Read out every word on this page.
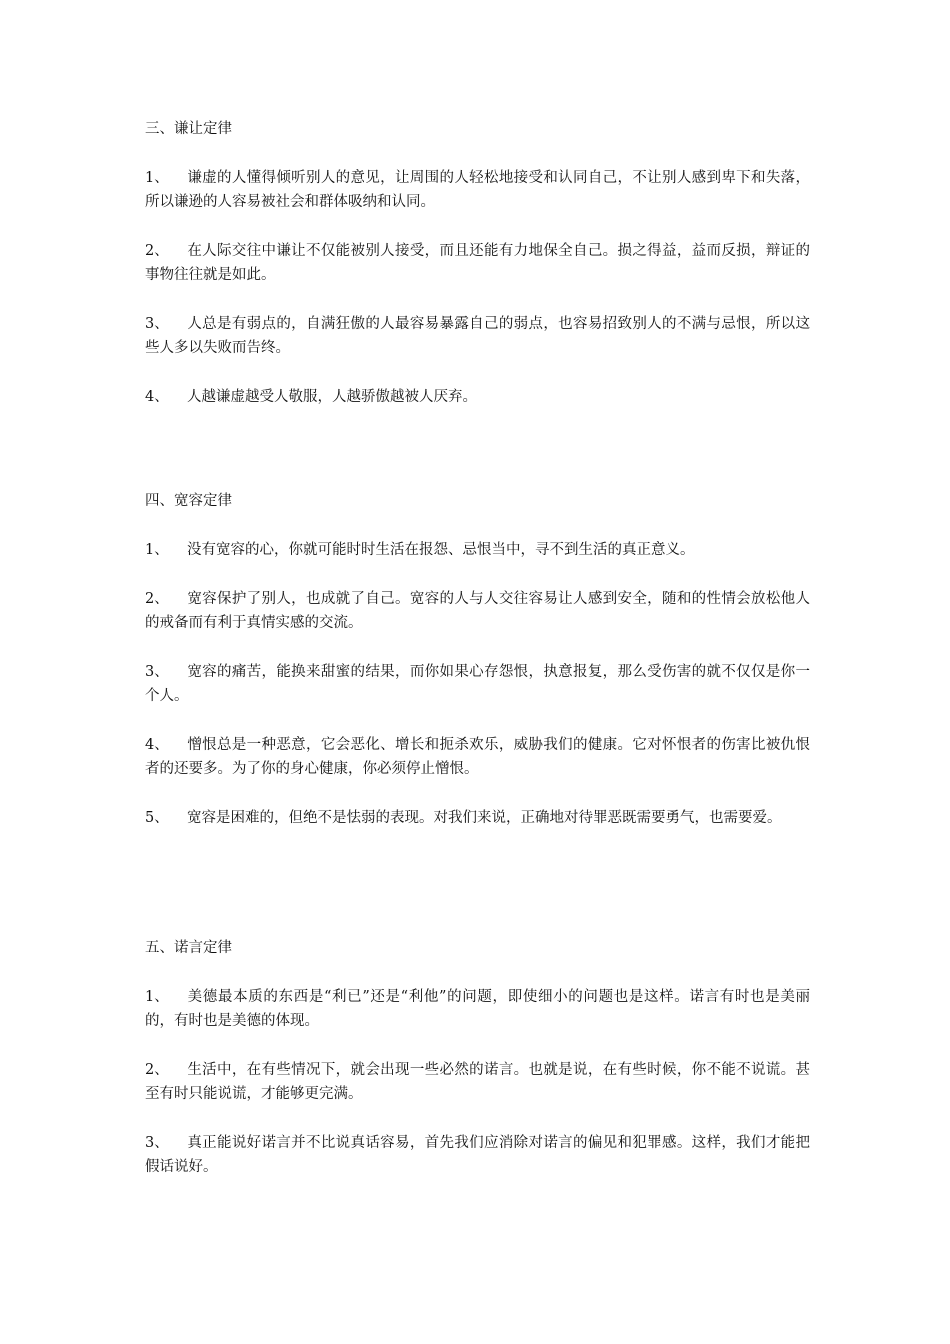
三、谦让定律
1、 谦虚的人懂得倾听别人的意见，让周围的人轻松地接受和认同自己，不让别人感到卑下和失落，所以谦逊的人容易被社会和群体吸纳和认同。
2、 在人际交往中谦让不仅能被别人接受，而且还能有力地保全自己。损之得益，益而反损，辩证的事物往往就是如此。
3、 人总是有弱点的，自满狂傲的人最容易暴露自己的弱点，也容易招致别人的不满与忌恨，所以这些人多以失败而告终。
4、 人越谦虚越受人敬服，人越骄傲越被人厌弃。
四、宽容定律
1、 没有宽容的心，你就可能时时生活在报怨、忌恨当中，寻不到生活的真正意义。
2、 宽容保护了别人，也成就了自己。宽容的人与人交往容易让人感到安全，随和的性情会放松他人的戒备而有利于真情实感的交流。
3、 宽容的痛苦，能换来甜蜜的结果，而你如果心存怨恨，执意报复，那么受伤害的就不仅仅是你一个人。
4、 憎恨总是一种恶意，它会恶化、增长和扼杀欢乐，威胁我们的健康。它对怀恨者的伤害比被仇恨者的还要多。为了你的身心健康，你必须停止憎恨。
5、 宽容是困难的，但绝不是怯弱的表现。对我们来说，正确地对待罪恶既需要勇气，也需要爱。
五、诺言定律
1、 美德最本质的东西是“利已”还是“利他”的问题，即使细小的问题也是这样。诺言有时也是美丽的，有时也是美德的体现。
2、 生活中，在有些情况下，就会出现一些必然的诺言。也就是说，在有些时候，你不能不说谎。甚至有时只能说谎，才能够更完满。
3、 真正能说好诺言并不比说真话容易，首先我们应消除对诺言的偏见和犯罪感。这样，我们才能把假话说好。
